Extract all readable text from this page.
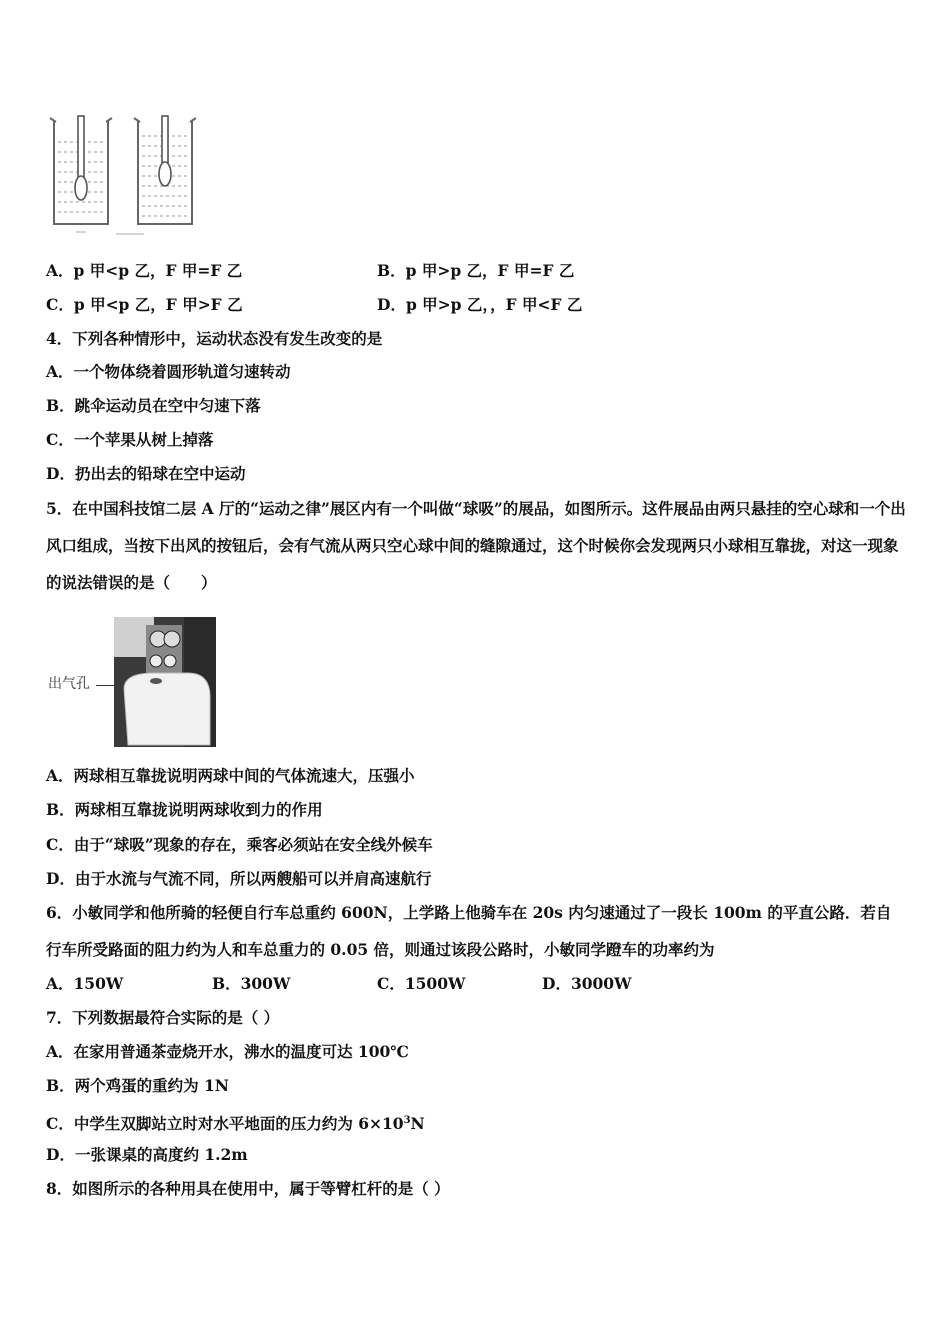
A．p 甲<p 乙，F 甲=F 乙	B．p 甲>p 乙，F 甲=F 乙
C．p 甲<p 乙，F 甲>F 乙	D．p 甲>p 乙，，F 甲<F 乙
4．下列各种情形中，运动状态没有发生改变的是
A．一个物体绕着圆形轨道匀速转动
B．跳伞运动员在空中匀速下落
C．一个苹果从树上掉落
D．扔出去的铅球在空中运动
5．在中国科技馆二层 A 厅的“运动之律”展区内有一个叫做“球吸”的展品，如图所示。这件展品由两只悬挂的空心球和一个出风口组成，当按下出风的按钮后，会有气流从两只空心球中间的缝隙通过，这个时候你会发现两只小球相互靠拢，对这一现象的说法错误的是（　　）
出气孔
A．两球相互靠拢说明两球中间的气体流速大，压强小
B．两球相互靠拢说明两球收到力的作用
C．由于“球吸”现象的存在，乘客必须站在安全线外候车
D．由于水流与气流不同，所以两艘船可以并肩高速航行
6．小敏同学和他所骑的轻便自行车总重约 600N，上学路上他骑车在 20s 内匀速通过了一段长 100m 的平直公路．若自行车所受路面的阻力约为人和车总重力的 0.05 倍，则通过该段公路时，小敏同学蹬车的功率约为
A．150W	B．300W	C．1500W	D．3000W
7．下列数据最符合实际的是（ ）
A．在家用普通茶壶烧开水，沸水的温度可达 100℃
B．两个鸡蛋的重约为 1N
C．中学生双脚站立时对水平地面的压力约为 $6\times 10^3N$
D．一张课桌的高度约 1.2m
8．如图所示的各种用具在使用中，属于等臂杠杆的是（ ）
